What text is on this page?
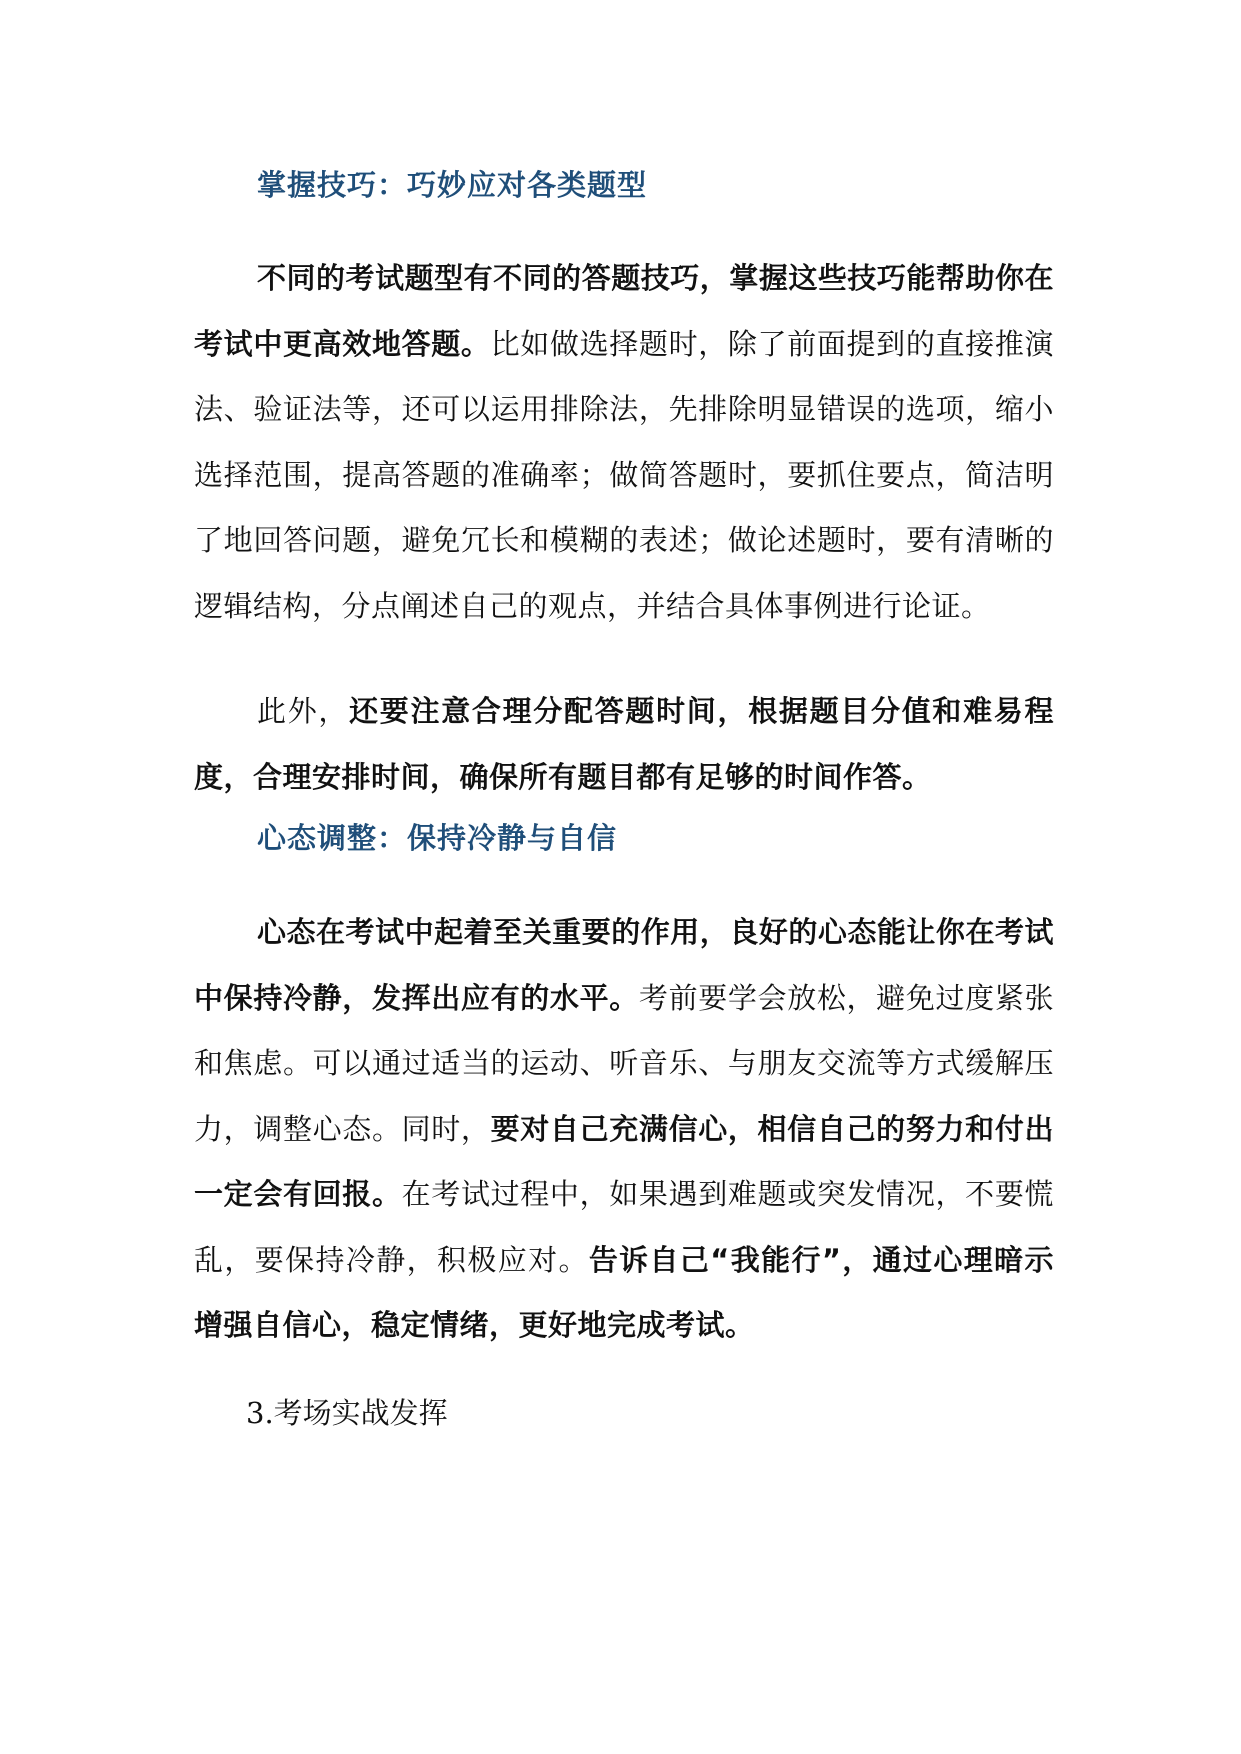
掌握技巧：巧妙应对各类题型

不同的考试题型有不同的答题技巧，掌握这些技巧能帮助你在考试中更高效地答题。比如做选择题时，除了前面提到的直接推演法、验证法等，还可以运用排除法，先排除明显错误的选项，缩小选择范围，提高答题的准确率；做简答题时，要抓住要点，简洁明了地回答问题，避免冗长和模糊的表述；做论述题时，要有清晰的逻辑结构，分点阐述自己的观点，并结合具体事例进行论证。

此外，还要注意合理分配答题时间，根据题目分值和难易程度，合理安排时间，确保所有题目都有足够的时间作答。

心态调整：保持冷静与自信

心态在考试中起着至关重要的作用，良好的心态能让你在考试中保持冷静，发挥出应有的水平。考前要学会放松，避免过度紧张和焦虑。可以通过适当的运动、听音乐、与朋友交流等方式缓解压力，调整心态。同时，要对自己充满信心，相信自己的努力和付出一定会有回报。在考试过程中，如果遇到难题或突发情况，不要慌乱，要保持冷静，积极应对。告诉自己“我能行”，通过心理暗示增强自信心，稳定情绪，更好地完成考试。

3.考场实战发挥
